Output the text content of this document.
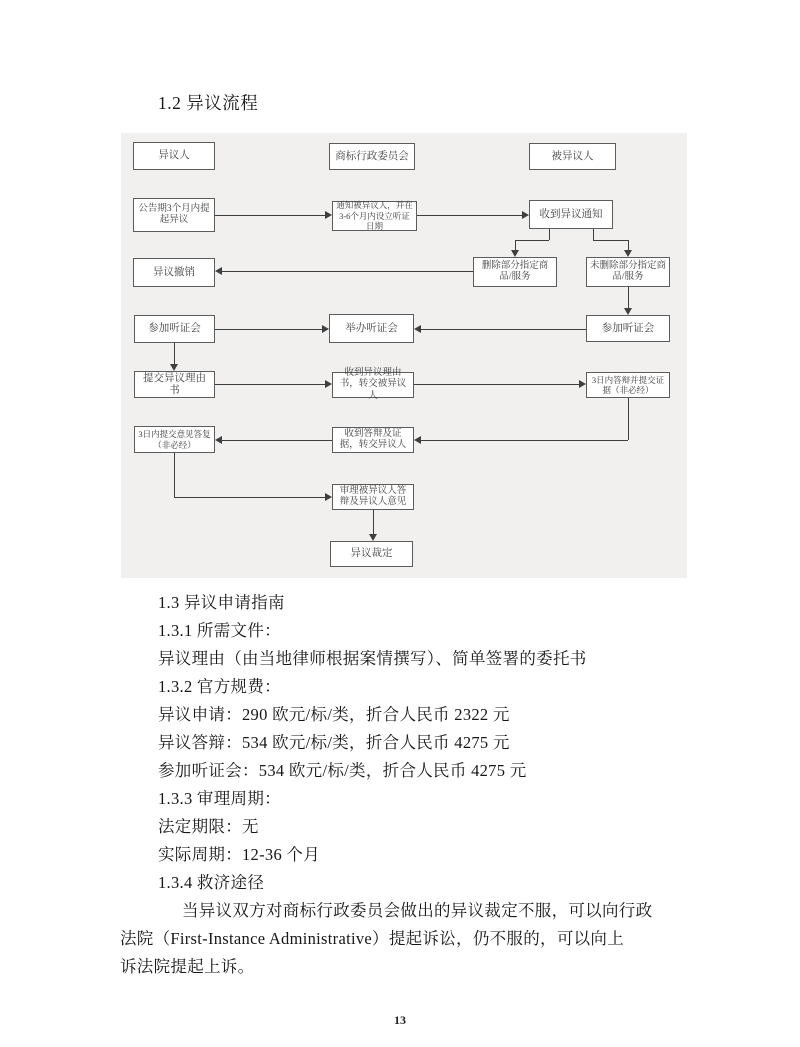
1.2 异议流程
异议人	商标行政委员会	被异议人
公告期3个月内提起异议
通知被异议人，并在3-6个月内设立听证日期
收到异议通知
异议撤销
删除部分指定商品/服务
未删除部分指定商品/服务
参加听证会	举办听证会	参加听证会
提交异议理由书
收到异议理由书，转交被异议人
3日内答辩并提交证据（非必经）
3日内提交意见答复（非必经）
收到答辩及证据，转交异议人
审理被异议人答辩及异议人意见
异议裁定
1.3 异议申请指南
1.3.1 所需文件：
异议理由（由当地律师根据案情撰写）、简单签署的委托书
1.3.2 官方规费：
异议申请：290 欧元/标/类，折合人民币 2322 元
异议答辩：534 欧元/标/类，折合人民币 4275 元
参加听证会：534 欧元/标/类，折合人民币 4275 元
1.3.3 审理周期：
法定期限：无
实际周期：12-36 个月
1.3.4 救济途径
当异议双方对商标行政委员会做出的异议裁定不服，可以向行政
法院（First-Instance Administrative）提起诉讼，仍不服的，可以向上
诉法院提起上诉。
13
